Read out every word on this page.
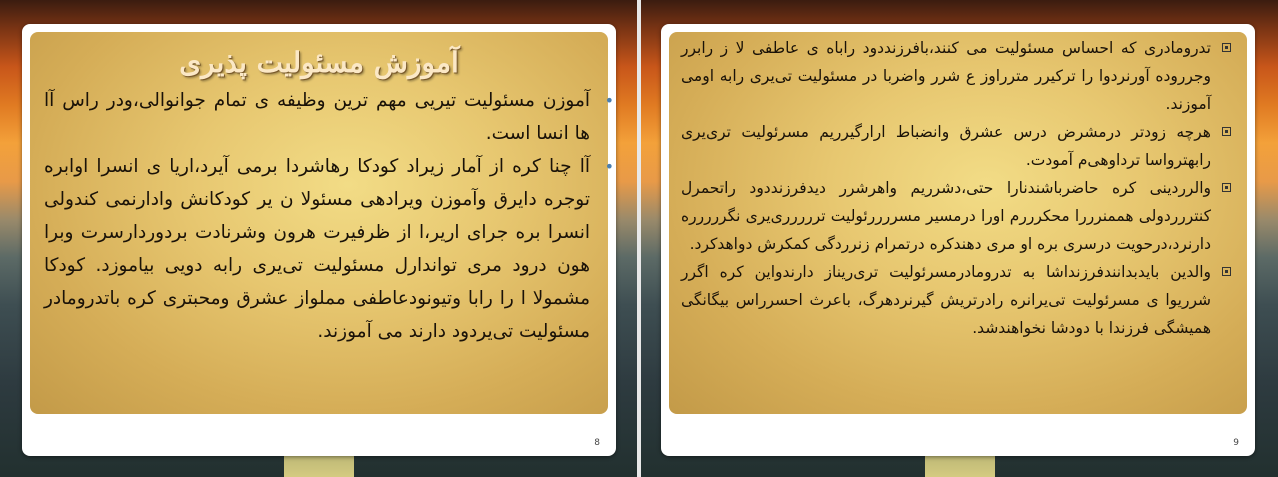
آموزش مسئولیت پذیری

•
آموزن مسئولیت تیریى مهم ترین وظیفه ی تمام جوانوالی،ودر راس آا ها انسا است.

•
آا چنا کره از آمار زیراد کودکا رهاشردا برمی آیرد،اریا ی انسرا اوابره توجره دایرق وآموزن ویرادهی مسئولا ن یر کودکانش وادارنمی کندولی انسرا بره جرای اریر،ا از ظرفیرت هرون وشرنادت بردوردارسرت وبرا هون درود مری تواندارل مسئولیت تی‌یری رابه دویی بیاموزد. کودکا مشمولا ا را رابا وتیونودعاطفی مملواز عشرق ومحبتری کره باتدرومادر مسئولیت تی‌یردود دارند می آموزند.

8

تدرومادری که احساس مسئولیت می کنند،بافرزنددود راباه ی عاطفی لا ز رابرر وجرروده آورنردوا را ترکیرر مترراوز ع شرر واضربا در مسئولیت تی‌یری رابه اومی آموزند.

هرچه زودتر درمشرض درس عشرق وانضباط ارارگیرریم مسرئولیت تری‌یری رابهترواسا ترداوهی‌م آمودت.

والرردینی کره حاضرباشندنارا حتی،دشرریم واهرشرر دیدفرزنددود راتحمرل کنتررردولی هممنرررا محکرررم اورا درمسیر مسررررئولیت تررررری‌یری نگررررره دارنرد،درحویت درسری بره او مری دهندکره درتمرام زنرردگی کمکرش دواهدکرد.

والدین بایدبدانندفرزنداشا به تدرومادرمسرئولیت تری‌ریناز دارندواین کره اگرر شرریوا ی مسرئولیت تی‌یرانره رادرتریش گیرنردهرگ، باعرث احسرراس بیگانگی همیشگی فرزندا با دودشا نخواهندشد.

9
